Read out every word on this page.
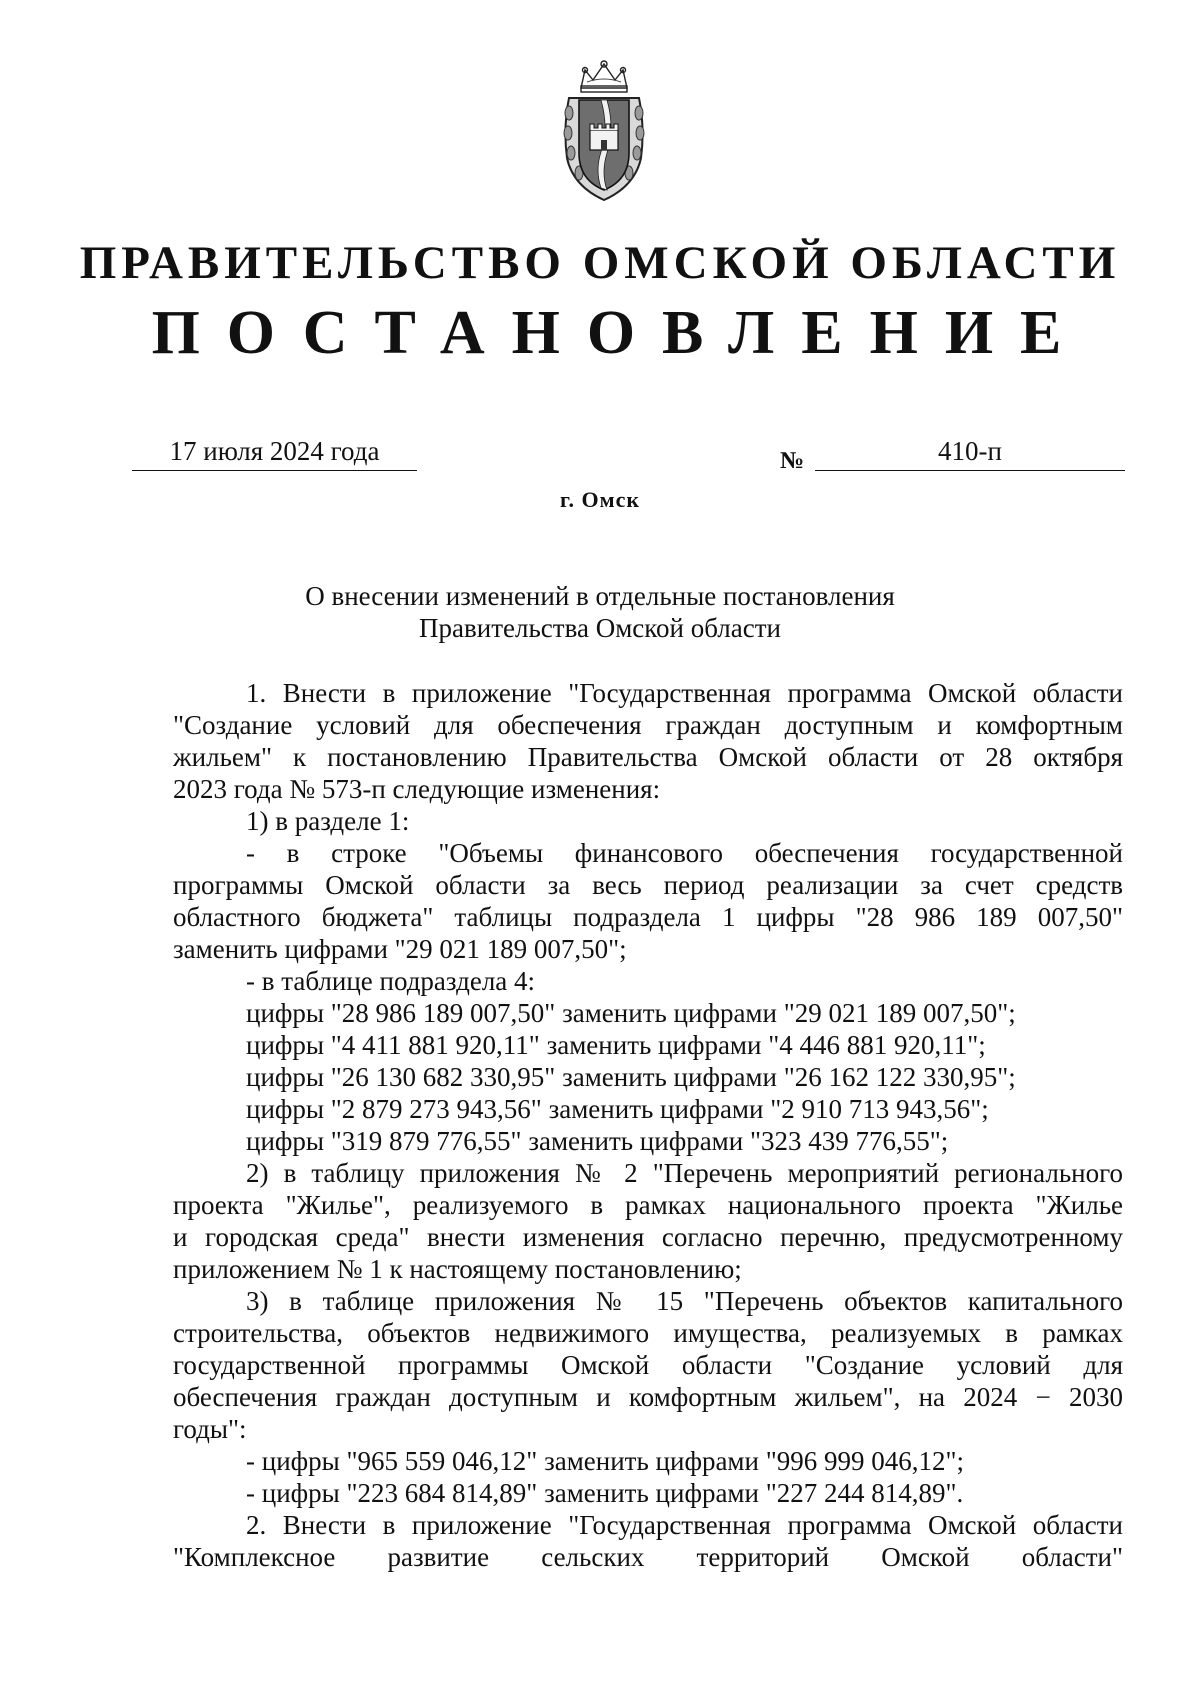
ПРАВИТЕЛЬСТВО ОМСКОЙ ОБЛАСТИ
ПОСТАНОВЛЕНИЕ
17 июля 2024 года	№	410-п
г. Омск
О внесении изменений в отдельные постановления
Правительства Омской области

1. Внести в приложение "Государственная программа Омской области

"Создание условий для обеспечения граждан доступным и комфортным

жильем" к постановлению Правительства Омской области от 28 октября

2023 года № 573-п следующие изменения:

1) в разделе 1:

- в строке "Объемы финансового обеспечения государственной

программы Омской области за весь период реализации за счет средств

областного бюджета" таблицы подраздела 1 цифры "28 986 189 007,50"

заменить цифрами "29 021 189 007,50";

- в таблице подраздела 4:

цифры "28 986 189 007,50" заменить цифрами "29 021 189 007,50";

цифры "4 411 881 920,11" заменить цифрами "4 446 881 920,11";

цифры "26 130 682 330,95" заменить цифрами "26 162 122 330,95";

цифры "2 879 273 943,56" заменить цифрами "2 910 713 943,56";

цифры "319 879 776,55" заменить цифрами "323 439 776,55";

2) в таблицу приложения № 2 "Перечень мероприятий регионального

проекта "Жилье", реализуемого в рамках национального проекта "Жилье

и городская среда" внести изменения согласно перечню, предусмотренному

приложением № 1 к настоящему постановлению;

3) в таблице приложения № 15 "Перечень объектов капитального

строительства, объектов недвижимого имущества, реализуемых в рамках

государственной программы Омской области "Создание условий для

обеспечения граждан доступным и комфортным жильем", на 2024 − 2030

годы":

- цифры "965 559 046,12" заменить цифрами "996 999 046,12";

- цифры "223 684 814,89" заменить цифрами "227 244 814,89".

2. Внести в приложение "Государственная программа Омской области

"Комплексное развитие сельских территорий Омской области"
